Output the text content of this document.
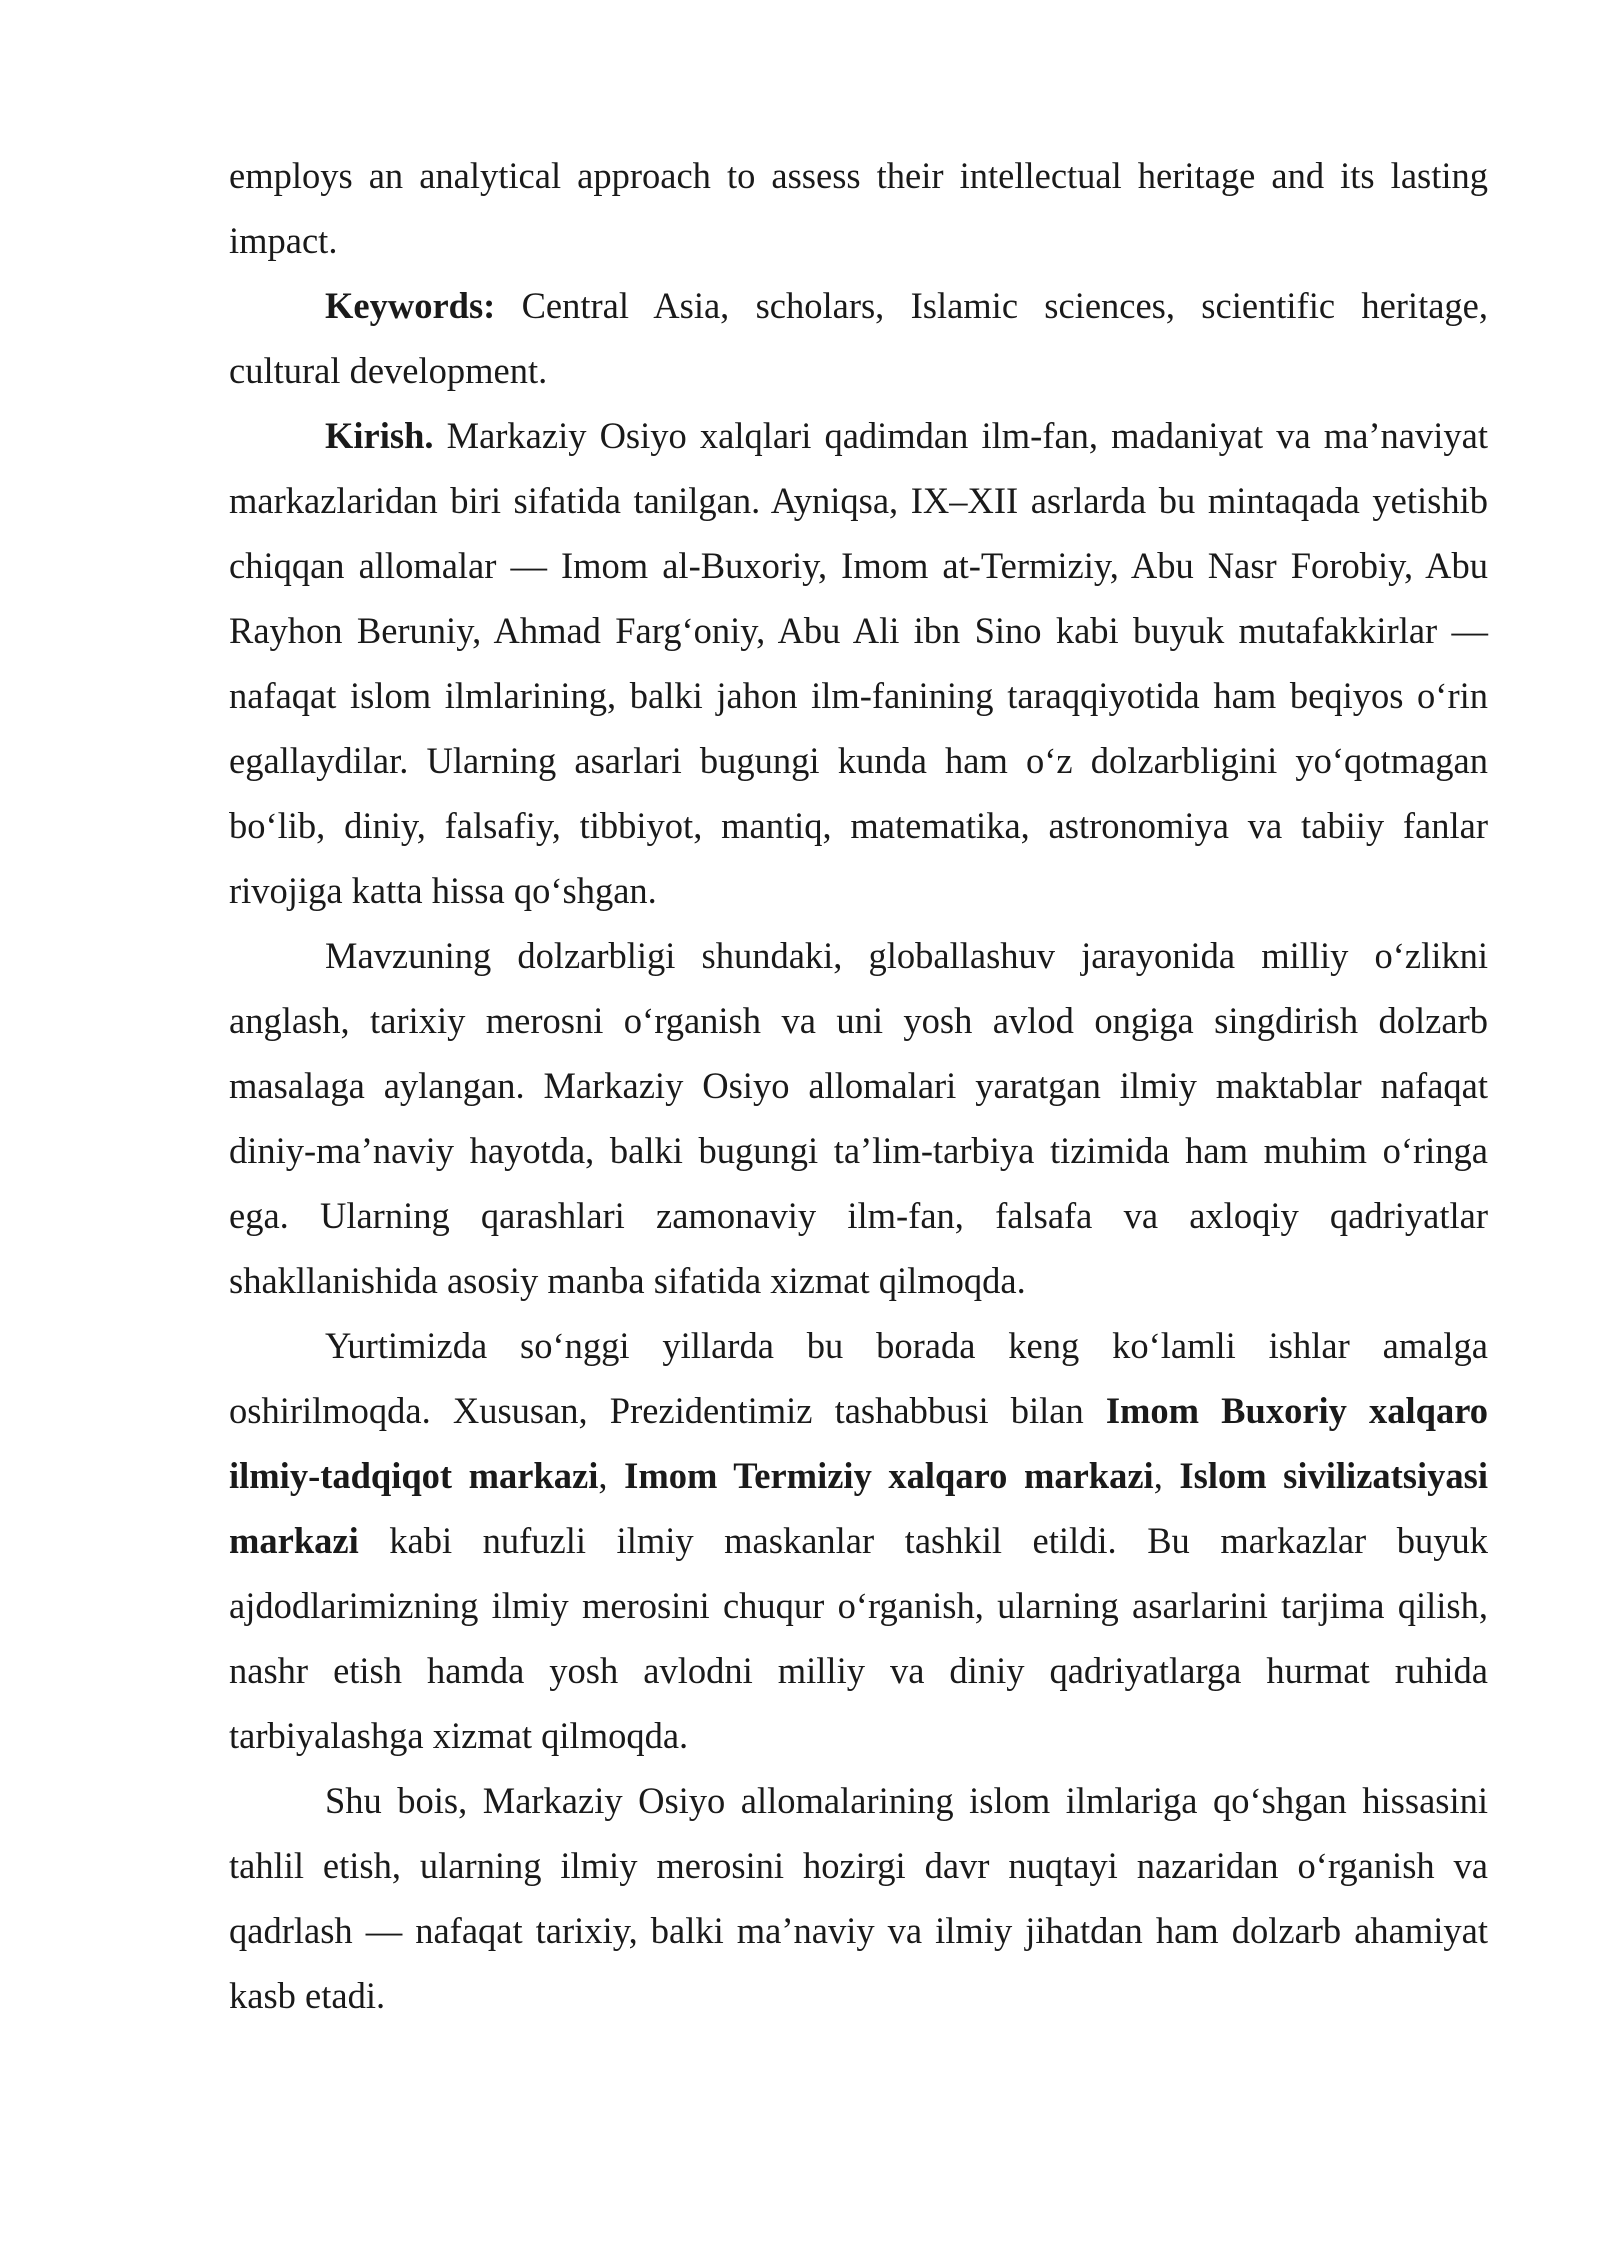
employs an analytical approach to assess their intellectual heritage and its lasting impact.

Keywords: Central Asia, scholars, Islamic sciences, scientific heritage, cultural development.

Kirish. Markaziy Osiyo xalqlari qadimdan ilm-fan, madaniyat va ma’naviyat markazlaridan biri sifatida tanilgan. Ayniqsa, IX–XII asrlarda bu mintaqada yetishib chiqqan allomalar — Imom al-Buxoriy, Imom at-Termiziy, Abu Nasr Forobiy, Abu Rayhon Beruniy, Ahmad Farg‘oniy, Abu Ali ibn Sino kabi buyuk mutafakkirlar — nafaqat islom ilmlarining, balki jahon ilm-fanining taraqqiyotida ham beqiyos o‘rin egallaydilar. Ularning asarlari bugungi kunda ham o‘z dolzarbligini yo‘qotmagan bo‘lib, diniy, falsafiy, tibbiyot, mantiq, matematika, astronomiya va tabiiy fanlar rivojiga katta hissa qo‘shgan.

Mavzuning dolzarbligi shundaki, globallashuv jarayonida milliy o‘zlikni anglash, tarixiy merosni o‘rganish va uni yosh avlod ongiga singdirish dolzarb masalaga aylangan. Markaziy Osiyo allomalari yaratgan ilmiy maktablar nafaqat diniy-ma’naviy hayotda, balki bugungi ta’lim-tarbiya tizimida ham muhim o‘ringa ega. Ularning qarashlari zamonaviy ilm-fan, falsafa va axloqiy qadriyatlar shakllanishida asosiy manba sifatida xizmat qilmoqda.

Yurtimizda so‘nggi yillarda bu borada keng ko‘lamli ishlar amalga oshirilmoqda. Xususan, Prezidentimiz tashabbusi bilan Imom Buxoriy xalqaro ilmiy-tadqiqot markazi, Imom Termiziy xalqaro markazi, Islom sivilizatsiyasi markazi kabi nufuzli ilmiy maskanlar tashkil etildi. Bu markazlar buyuk ajdodlarimizning ilmiy merosini chuqur o‘rganish, ularning asarlarini tarjima qilish, nashr etish hamda yosh avlodni milliy va diniy qadriyatlarga hurmat ruhida tarbiyalashga xizmat qilmoqda.

Shu bois, Markaziy Osiyo allomalarining islom ilmlariga qo‘shgan hissasini tahlil etish, ularning ilmiy merosini hozirgi davr nuqtayi nazaridan o‘rganish va qadrlash — nafaqat tarixiy, balki ma’naviy va ilmiy jihatdan ham dolzarb ahamiyat kasb etadi.
